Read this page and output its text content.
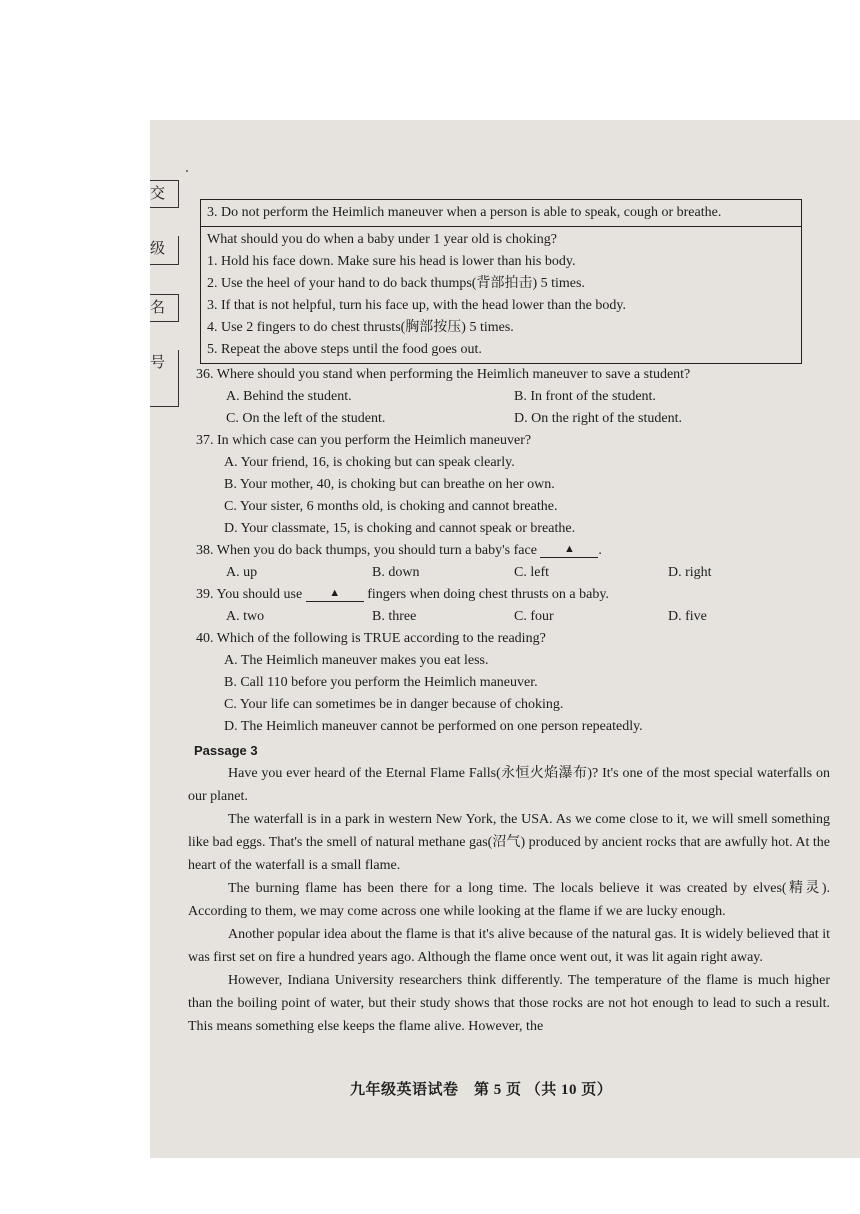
交
级
名
号
3. Do not perform the Heimlich maneuver when a person is able to speak, cough or breathe.
What should you do when a baby under 1 year old is choking?
1. Hold his face down. Make sure his head is lower than his body.
2. Use the heel of your hand to do back thumps(背部拍击) 5 times.
3. If that is not helpful, turn his face up, with the head lower than the body.
4. Use 2 fingers to do chest thrusts(胸部按压) 5 times.
5. Repeat the above steps until the food goes out.
36. Where should you stand when performing the Heimlich maneuver to save a student?
A. Behind the student.	B. In front of the student.
C. On the left of the student.	D. On the right of the student.
37. In which case can you perform the Heimlich maneuver?
A. Your friend, 16, is choking but can speak clearly.
B. Your mother, 40, is choking but can breathe on her own.
C. Your sister, 6 months old, is choking and cannot breathe.
D. Your classmate, 15, is choking and cannot speak or breathe.
38. When you do back thumps, you should turn a baby's face ▲ .
A. up	B. down	C. left	D. right
39. You should use ▲ fingers when doing chest thrusts on a baby.
A. two	B. three	C. four	D. five
40. Which of the following is TRUE according to the reading?
A. The Heimlich maneuver makes you eat less.
B. Call 110 before you perform the Heimlich maneuver.
C. Your life can sometimes be in danger because of choking.
D. The Heimlich maneuver cannot be performed on one person repeatedly.
Passage 3
Have you ever heard of the Eternal Flame Falls(永恒火焰瀑布)? It's one of the most special waterfalls on our planet.
The waterfall is in a park in western New York, the USA. As we come close to it, we will smell something like bad eggs. That's the smell of natural methane gas(沼气) produced by ancient rocks that are awfully hot. At the heart of the waterfall is a small flame.
The burning flame has been there for a long time. The locals believe it was created by elves(精灵). According to them, we may come across one while looking at the flame if we are lucky enough.
Another popular idea about the flame is that it's alive because of the natural gas. It is widely believed that it was first set on fire a hundred years ago. Although the flame once went out, it was lit again right away.
However, Indiana University researchers think differently. The temperature of the flame is much higher than the boiling point of water, but their study shows that those rocks are not hot enough to lead to such a result. This means something else keeps the flame alive. However, the
九年级英语试卷　第 5 页 （共 10 页）
